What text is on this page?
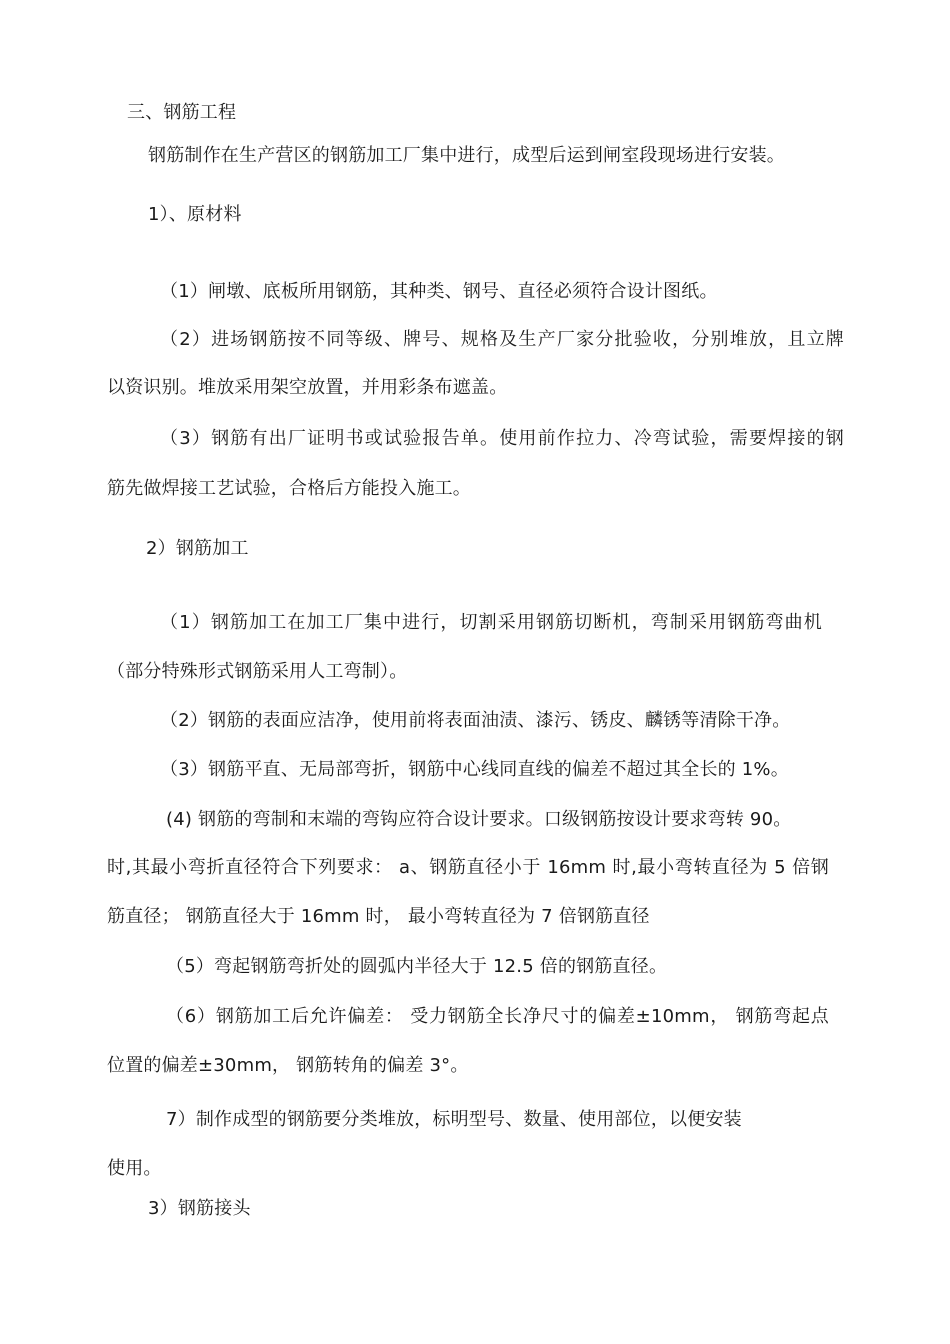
三、钢筋工程
钢筋制作在生产营区的钢筋加工厂集中进行，成型后运到闸室段现场进行安装。
1）、原材料
（1）闸墩、底板所用钢筋，其种类、钢号、直径必须符合设计图纸。
（2）进场钢筋按不同等级、牌号、规格及生产厂家分批验收，分别堆放，且立牌
以资识别。堆放采用架空放置，并用彩条布遮盖。
（3）钢筋有出厂证明书或试验报告单。使用前作拉力、冷弯试验，需要焊接的钢
筋先做焊接工艺试验，合格后方能投入施工。
2）钢筋加工
（1）钢筋加工在加工厂集中进行，切割采用钢筋切断机，弯制采用钢筋弯曲机
（部分特殊形式钢筋采用人工弯制）。
（2）钢筋的表面应洁净，使用前将表面油渍、漆污、锈皮、麟锈等清除干净。
（3）钢筋平直、无局部弯折，钢筋中心线同直线的偏差不超过其全长的 1%。
(4) 钢筋的弯制和末端的弯钩应符合设计要求。口级钢筋按设计要求弯转 90。
时,其最小弯折直径符合下列要求： a、钢筋直径小于 16mm 时,最小弯转直径为 5 倍钢
筋直径； 钢筋直径大于 16mm 时， 最小弯转直径为 7 倍钢筋直径
（5）弯起钢筋弯折处的圆弧内半径大于 12.5 倍的钢筋直径。
（6）钢筋加工后允许偏差： 受力钢筋全长净尺寸的偏差±10mm， 钢筋弯起点
位置的偏差±30mm， 钢筋转角的偏差 3°。
7）制作成型的钢筋要分类堆放，标明型号、数量、使用部位，以便安装
使用。
3）钢筋接头
